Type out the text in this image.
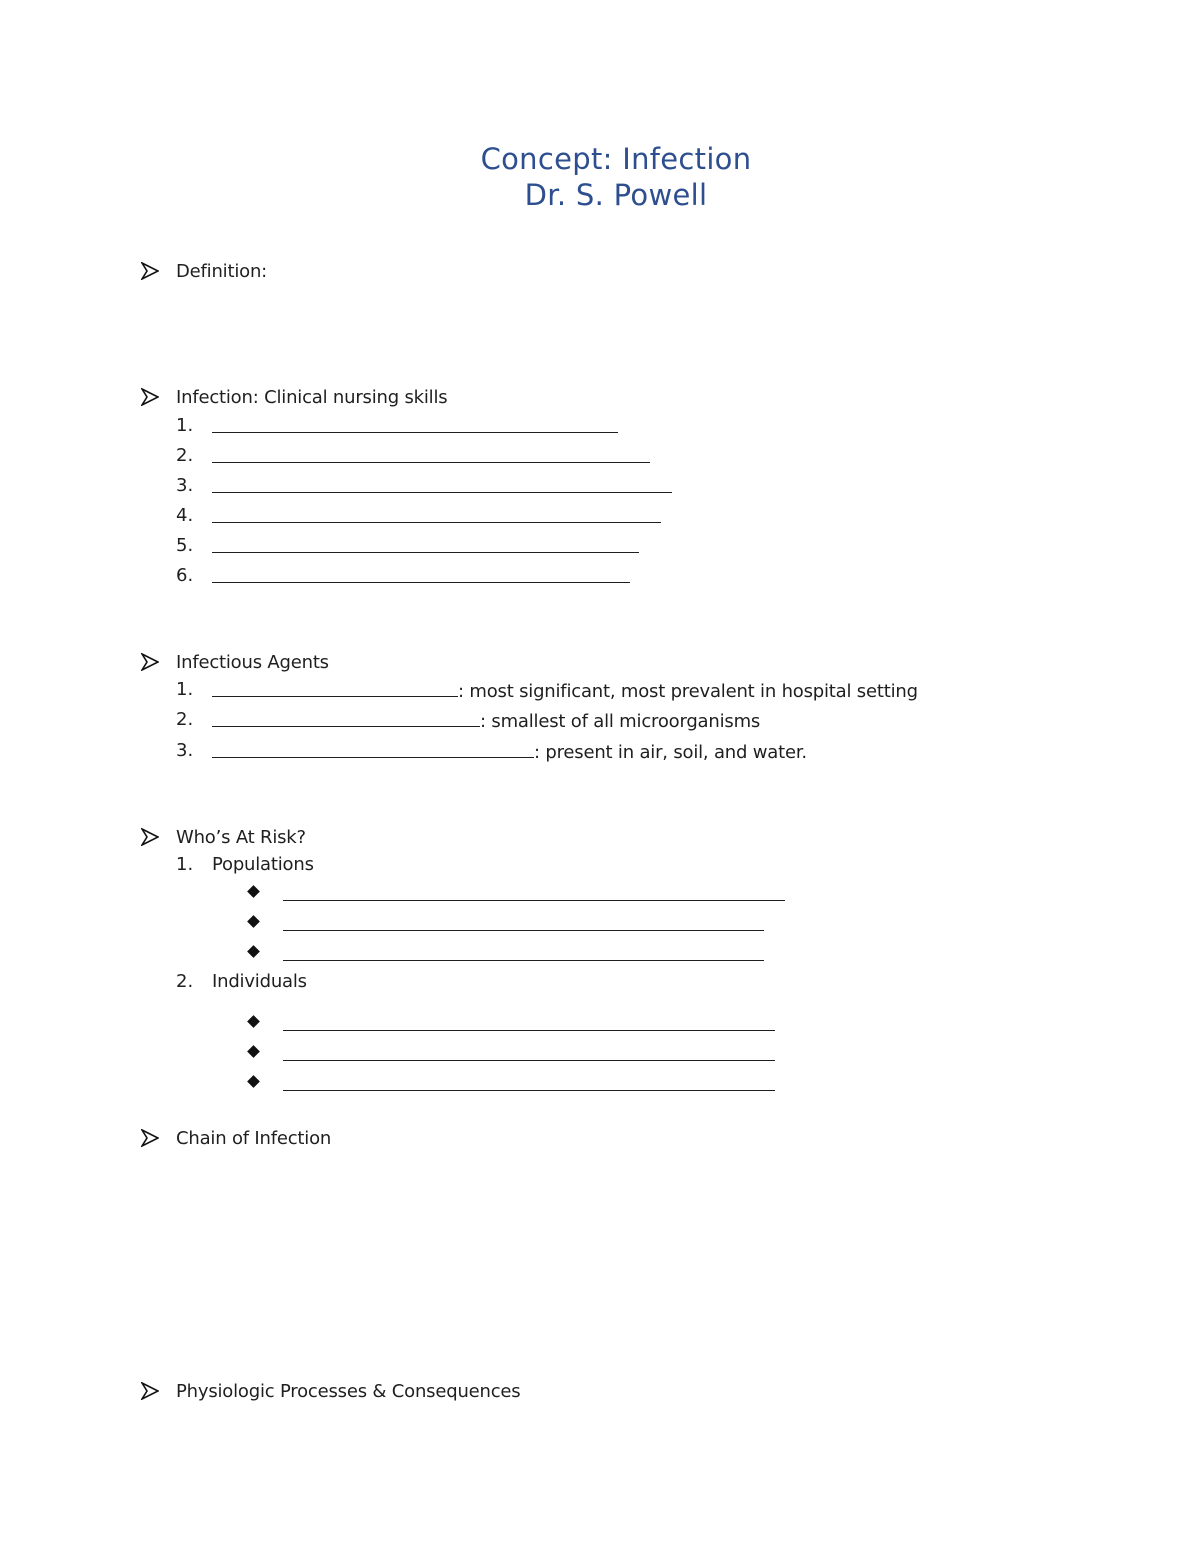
Concept: Infection
Dr. S. Powell
Definition:
Infection: Clinical nursing skills
1.
2.
3.
4.
5.
6.
Infectious Agents
1.	: most significant, most prevalent in hospital setting
2.	: smallest of all microorganisms
3.	: present in air, soil, and water.
Who’s At Risk?
1. Populations
2. Individuals
Chain of Infection
Physiologic Processes & Consequences
